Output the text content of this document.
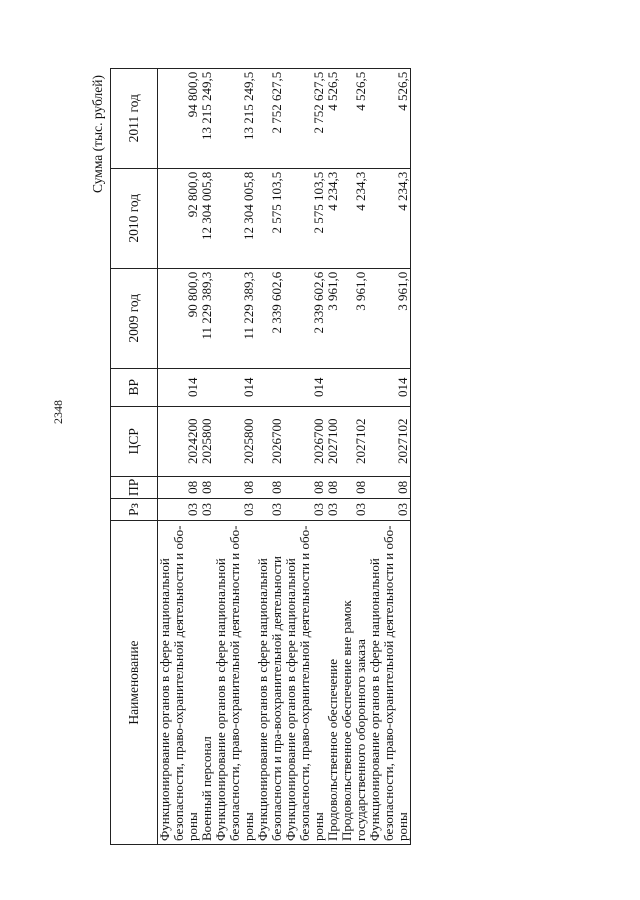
2348
Сумма (тыс. рублей)
Наименование	Рз	ПР	ЦСР	ВР	2009 год	2010 год	2011 год
Функционирование органов в сфере национальной безопасности, право-охранительной деятельности и обо-роны	03	08	2024200	014	90 800,0	92 800,0	94 800,0
Военный персонал	03	08	2025800		11 229 389,3	12 304 005,8	13 215 249,5
Функционирование органов в сфере национальной безопасности, право-охранительной деятельности и обо-роны	03	08	2025800	014	11 229 389,3	12 304 005,8	13 215 249,5
Функционирование органов в сфере национальной безопасности и пра-воохранительной деятельности	03	08	2026700		2 339 602,6	2 575 103,5	2 752 627,5
Функционирование органов в сфере национальной безопасности, право-охранительной деятельности и обо-роны	03	08	2026700	014	2 339 602,6	2 575 103,5	2 752 627,5
Продовольственное обеспечение	03	08	2027100		3 961,0	4 234,3	4 526,5
Продовольственное обеспечение вне рамок государственного оборонного заказа	03	08	2027102		3 961,0	4 234,3	4 526,5
Функционирование органов в сфере национальной безопасности, право-охранительной деятельности и обо-роны	03	08	2027102	014	3 961,0	4 234,3	4 526,5
